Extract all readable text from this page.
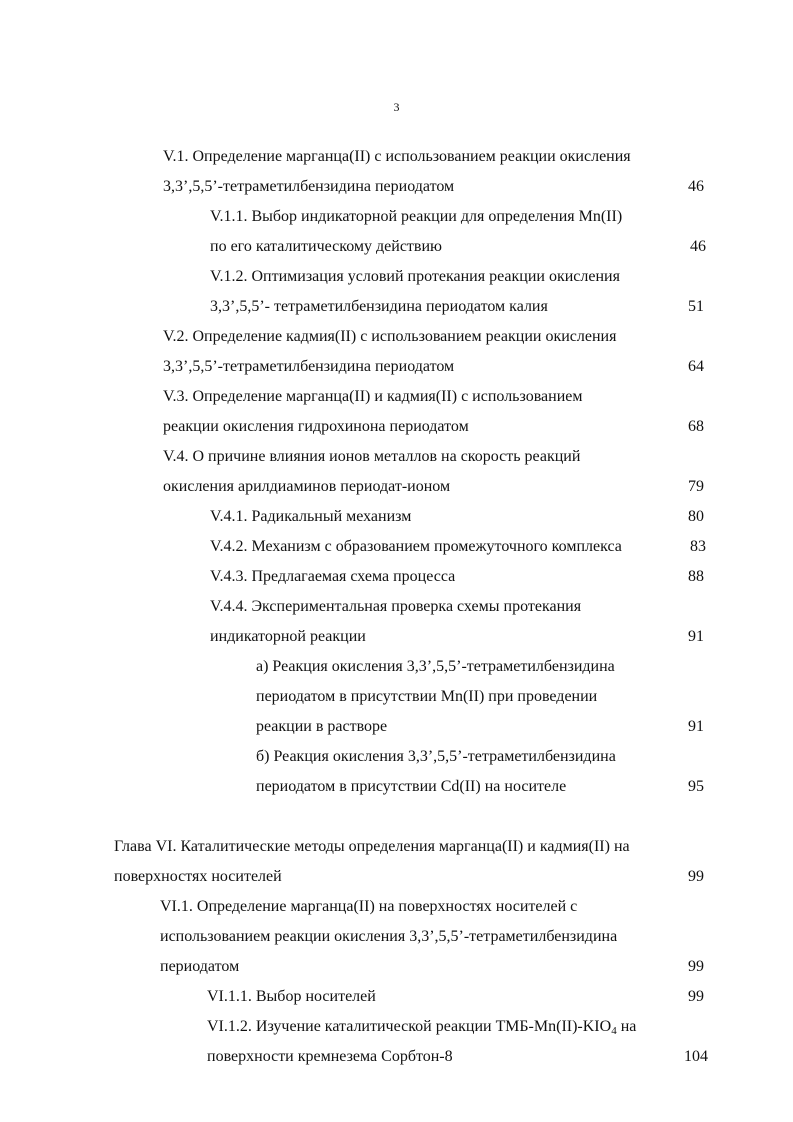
3
V.1. Определение марганца(II) с использованием реакции окисления
3,3’,5,5’-тетраметилбензидина периодатом	46
V.1.1. Выбор индикаторной реакции для определения Mn(II)
по его каталитическому действию	46
V.1.2. Оптимизация условий протекания реакции окисления
3,3’,5,5’- тетраметилбензидина периодатом калия	51
V.2. Определение кадмия(II) с использованием реакции окисления
3,3’,5,5’-тетраметилбензидина периодатом	64
V.3. Определение марганца(II) и кадмия(II) с использованием
реакции окисления гидрохинона периодатом	68
V.4. О причине влияния ионов металлов на скорость реакций
окисления арилдиаминов периодат-ионом	79
V.4.1. Радикальный механизм	80
V.4.2. Механизм с образованием промежуточного комплекса	83
V.4.3. Предлагаемая схема процесса	88
V.4.4. Экспериментальная проверка схемы протекания
индикаторной реакции	91
а) Реакция окисления 3,3’,5,5’-тетраметилбензидина
периодатом в присутствии Mn(II) при проведении
реакции в растворе	91
б) Реакция окисления 3,3’,5,5’-тетраметилбензидина
периодатом в присутствии Cd(II) на носителе	95
Глава VI. Каталитические методы определения марганца(II) и кадмия(II) на
поверхностях носителей	99
VI.1. Определение марганца(II) на поверхностях носителей с
использованием реакции окисления 3,3’,5,5’-тетраметилбензидина
периодатом	99
VI.1.1. Выбор носителей	99
VI.1.2. Изучение каталитической реакции ТМБ-$Mn(II)-KIO_4$ на
поверхности кремнезема Сорбтон-8	104
